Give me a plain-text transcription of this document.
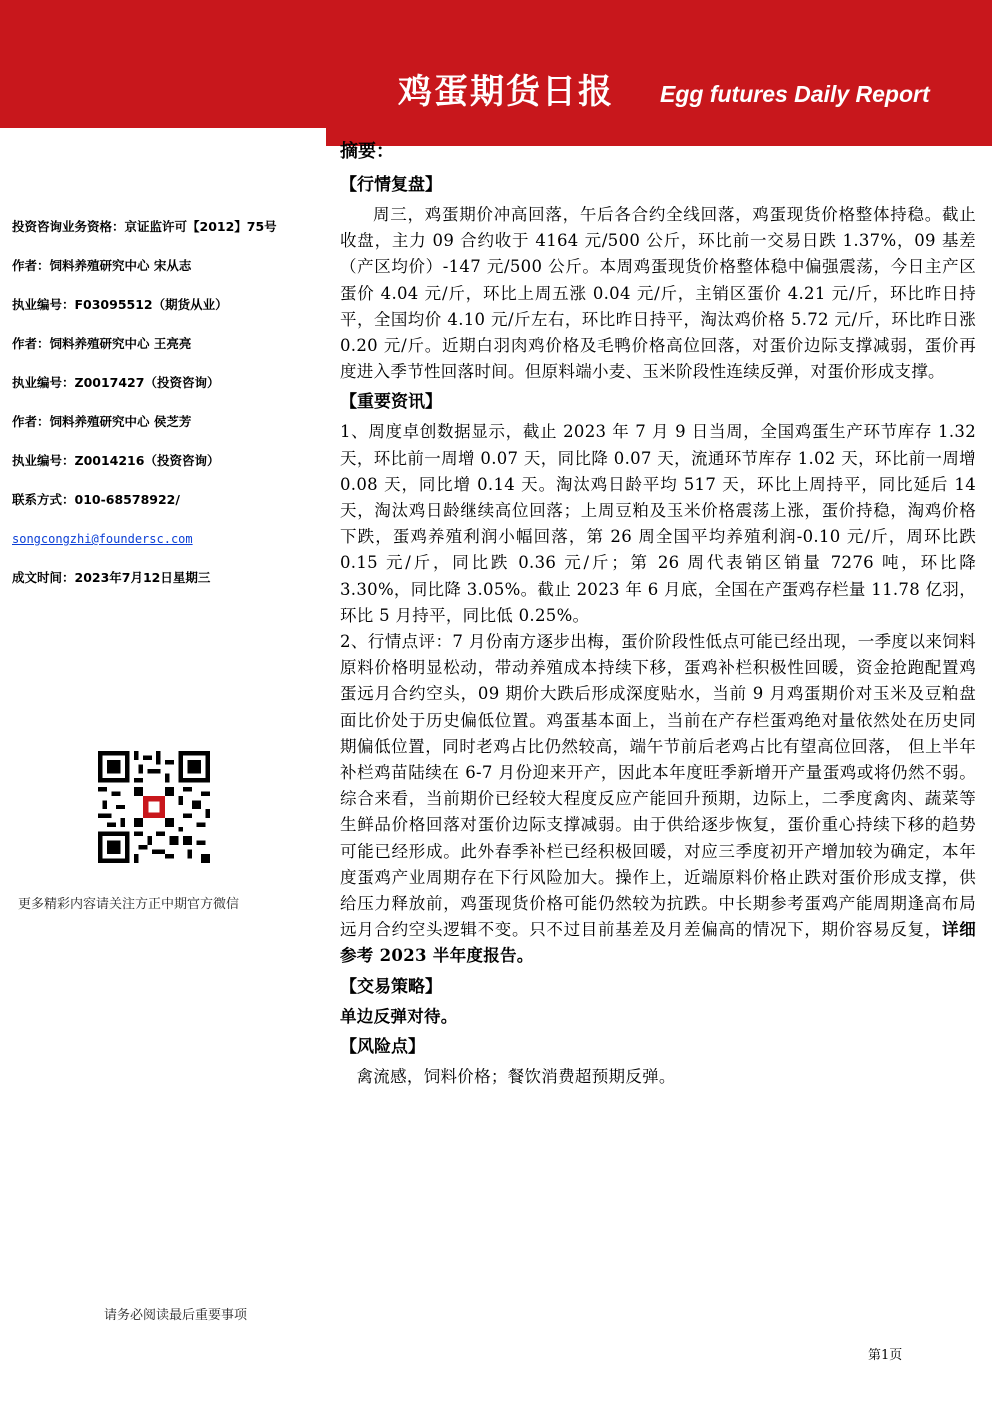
鸡蛋期货日报	Egg futures Daily Report
投资咨询业务资格：京证监许可【2012】75号
作者：饲料养殖研究中心 宋从志
执业编号：F03095512（期货从业）
作者：饲料养殖研究中心 王亮亮
执业编号：Z0017427（投资咨询）
作者：饲料养殖研究中心 侯芝芳
执业编号：Z0014216（投资咨询）
联系方式：010-68578922/
songcongzhi@foundersc.com
成文时间：2023年7月12日星期三
更多精彩内容请关注方正中期官方微信
请务必阅读最后重要事项
摘要：
【行情复盘】

周三，鸡蛋期价冲高回落，午后各合约全线回落，鸡蛋现货价格整体持稳。截止收盘，主力 09 合约收于 4164 元/500 公斤，环比前一交易日跌 1.37%，09 基差（产区均价）-147 元/500 公斤。本周鸡蛋现货价格整体稳中偏强震荡，今日主产区蛋价 4.04 元/斤，环比上周五涨 0.04 元/斤，主销区蛋价 4.21 元/斤，环比昨日持平，全国均价 4.10 元/斤左右，环比昨日持平，淘汰鸡价格 5.72 元/斤，环比昨日涨 0.20 元/斤。近期白羽肉鸡价格及毛鸭价格高位回落，对蛋价边际支撑减弱，蛋价再度进入季节性回落时间。但原料端小麦、玉米阶段性连续反弹，对蛋价形成支撑。

【重要资讯】

1、周度卓创数据显示，截止 2023 年 7 月 9 日当周，全国鸡蛋生产环节库存 1.32 天，环比前一周增 0.07 天，同比降 0.07 天，流通环节库存 1.02 天，环比前一周增 0.08 天，同比增 0.14 天。淘汰鸡日龄平均 517 天，环比上周持平，同比延后 14 天，淘汰鸡日龄继续高位回落；上周豆粕及玉米价格震荡上涨，蛋价持稳，淘鸡价格下跌，蛋鸡养殖利润小幅回落，第 26 周全国平均养殖利润-0.10 元/斤，周环比跌 0.15 元/斤，同比跌 0.36 元/斤；第 26 周代表销区销量 7276 吨，环比降 3.30%，同比降 3.05%。截止 2023 年 6 月底，全国在产蛋鸡存栏量 11.78 亿羽，环比 5 月持平，同比低 0.25%。

2、行情点评：7 月份南方逐步出梅，蛋价阶段性低点可能已经出现，一季度以来饲料原料价格明显松动，带动养殖成本持续下移，蛋鸡补栏积极性回暖，资金抢跑配置鸡蛋远月合约空头，09 期价大跌后形成深度贴水，当前 9 月鸡蛋期价对玉米及豆粕盘面比价处于历史偏低位置。鸡蛋基本面上，当前在产存栏蛋鸡绝对量依然处在历史同期偏低位置，同时老鸡占比仍然较高，端午节前后老鸡占比有望高位回落， 但上半年补栏鸡苗陆续在 6-7 月份迎来开产，因此本年度旺季新增开产量蛋鸡或将仍然不弱。综合来看，当前期价已经较大程度反应产能回升预期，边际上，二季度禽肉、蔬菜等生鲜品价格回落对蛋价边际支撑减弱。由于供给逐步恢复，蛋价重心持续下移的趋势可能已经形成。此外春季补栏已经积极回暖，对应三季度初开产增加较为确定，本年度蛋鸡产业周期存在下行风险加大。操作上，近端原料价格止跌对蛋价形成支撑，供给压力释放前，鸡蛋现货价格可能仍然较为抗跌。中长期参考蛋鸡产能周期逢高布局远月合约空头逻辑不变。只不过目前基差及月差偏高的情况下，期价容易反复，详细参考 2023 半年度报告。

【交易策略】

单边反弹对待。

【风险点】

禽流感，饲料价格；餐饮消费超预期反弹。

第1页
